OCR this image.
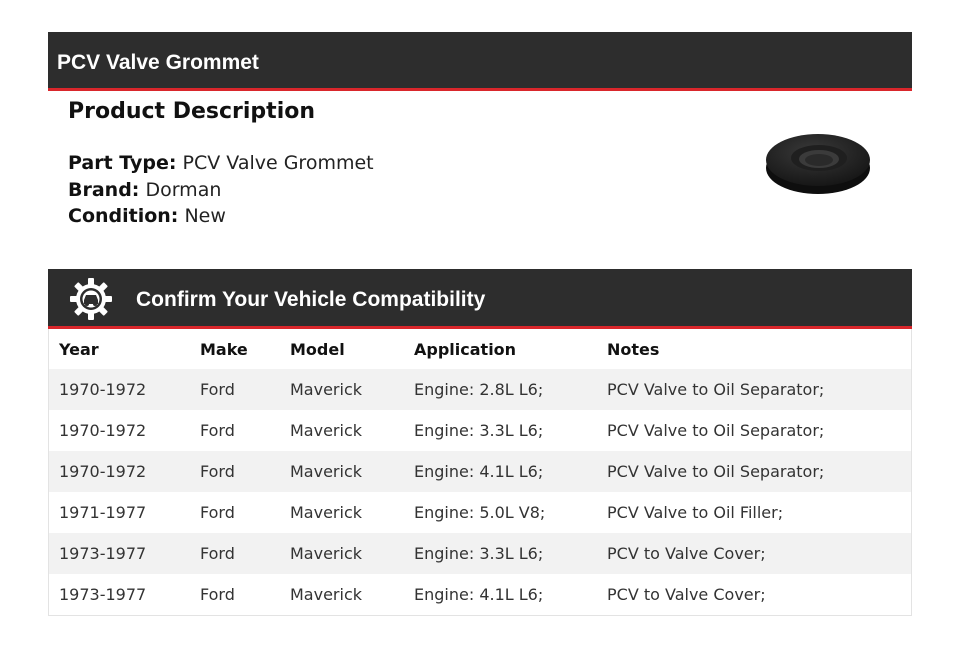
PCV Valve Grommet
Product Description
Part Type: PCV Valve Grommet
Brand: Dorman
Condition: New
Confirm Your Vehicle Compatibility
Year	Make	Model	Application	Notes
1970-1972	Ford	Maverick	Engine: 2.8L L6;	PCV Valve to Oil Separator;
1970-1972	Ford	Maverick	Engine: 3.3L L6;	PCV Valve to Oil Separator;
1970-1972	Ford	Maverick	Engine: 4.1L L6;	PCV Valve to Oil Separator;
1971-1977	Ford	Maverick	Engine: 5.0L V8;	PCV Valve to Oil Filler;
1973-1977	Ford	Maverick	Engine: 3.3L L6;	PCV to Valve Cover;
1973-1977	Ford	Maverick	Engine: 4.1L L6;	PCV to Valve Cover;
